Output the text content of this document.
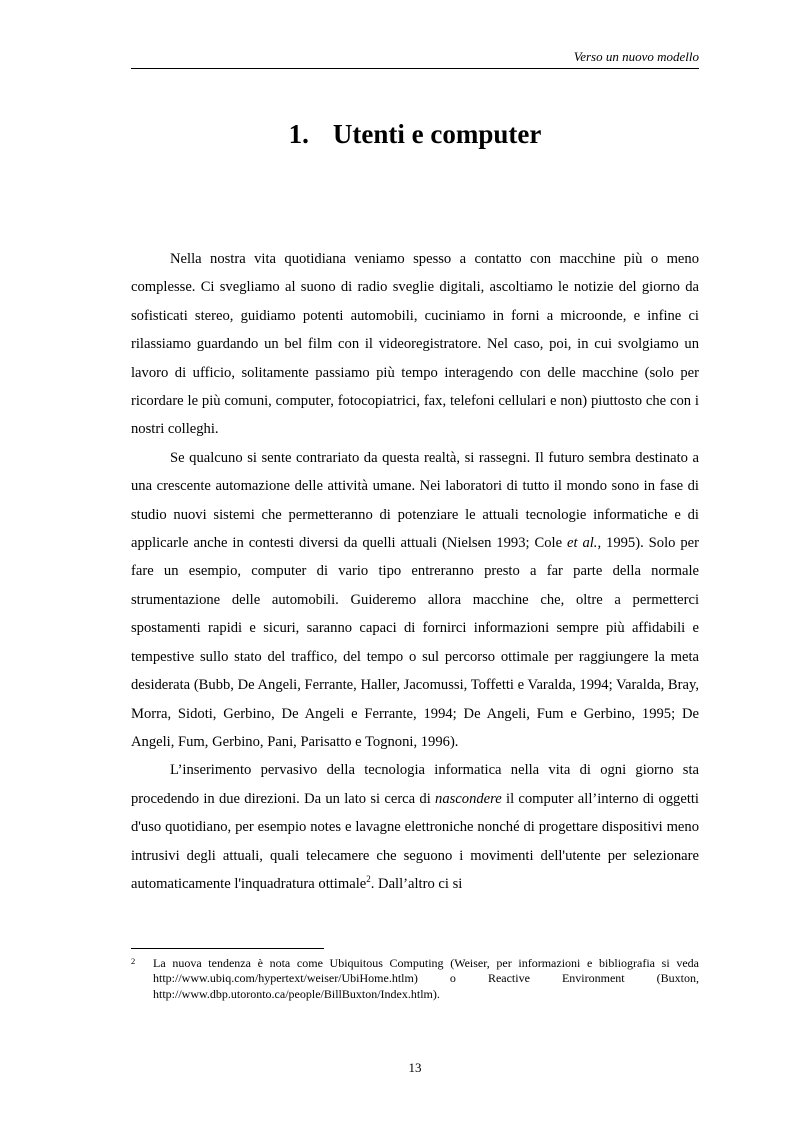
Verso un nuovo modello
1. Utenti e computer

Nella nostra vita quotidiana veniamo spesso a contatto con macchine più o meno complesse. Ci svegliamo al suono di radio sveglie digitali, ascoltiamo le notizie del giorno da sofisticati stereo, guidiamo potenti automobili, cuciniamo in forni a microonde, e infine ci rilassiamo guardando un bel film con il videoregistratore. Nel caso, poi, in cui svolgiamo un lavoro di ufficio, solitamente passiamo più tempo interagendo con delle macchine (solo per ricordare le più comuni, computer, fotocopiatrici, fax, telefoni cellulari e non) piuttosto che con i nostri colleghi.

Se qualcuno si sente contrariato da questa realtà, si rassegni. Il futuro sembra destinato a una crescente automazione delle attività umane. Nei laboratori di tutto il mondo sono in fase di studio nuovi sistemi che permetteranno di potenziare le attuali tecnologie informatiche e di applicarle anche in contesti diversi da quelli attuali (Nielsen 1993; Cole et al., 1995). Solo per fare un esempio, computer di vario tipo entreranno presto a far parte della normale strumentazione delle automobili. Guideremo allora macchine che, oltre a permetterci spostamenti rapidi e sicuri, saranno capaci di fornirci informazioni sempre più affidabili e tempestive sullo stato del traffico, del tempo o sul percorso ottimale per raggiungere la meta desiderata (Bubb, De Angeli, Ferrante, Haller, Jacomussi, Toffetti e Varalda, 1994; Varalda, Bray, Morra, Sidoti, Gerbino, De Angeli e Ferrante, 1994; De Angeli, Fum e Gerbino, 1995; De Angeli, Fum, Gerbino, Pani, Parisatto e Tognoni, 1996).

L’inserimento pervasivo della tecnologia informatica nella vita di ogni giorno sta procedendo in due direzioni. Da un lato si cerca di nascondere il computer all’interno di oggetti d'uso quotidiano, per esempio notes e lavagne elettroniche nonché di progettare dispositivi meno intrusivi degli attuali, quali telecamere che seguono i movimenti dell'utente per selezionare automaticamente l'inquadratura ottimale$^2$. Dall’altro ci si

2	La nuova tendenza è nota come Ubiquitous Computing (Weiser, per informazioni e bibliografia si veda http://www.ubiq.com/hypertext/weiser/UbiHome.htlm) o Reactive Environment (Buxton, http://www.dbp.utoronto.ca/people/BillBuxton/Index.htlm).
13
